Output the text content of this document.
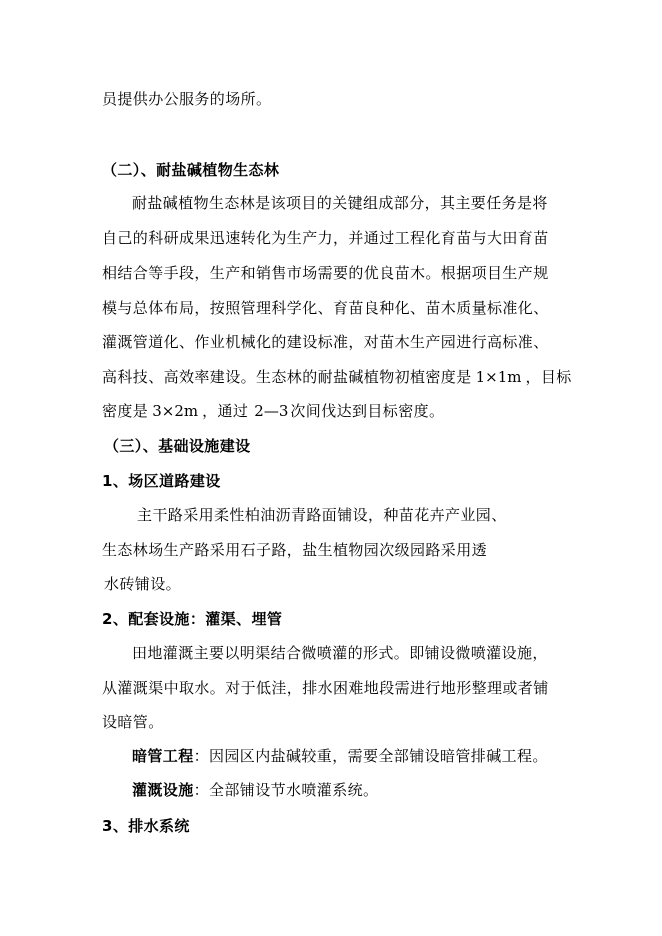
员提供办公服务的场所。
（二）、耐盐碱植物生态林
耐盐碱植物生态林是该项目的关键组成部分，其主要任务是将
自己的科研成果迅速转化为生产力，并通过工程化育苗与大田育苗
相结合等手段，生产和销售市场需要的优良苗木。根据项目生产规
模与总体布局，按照管理科学化、育苗良种化、苗木质量标准化、
灌溉管道化、作业机械化的建设标准，对苗木生产园进行高标准、
高科技、高效率建设。生态林的耐盐碱植物初植密度是 1×1m ，目标
密度是 3×2m ，通过 2—3 次间伐达到目标密度。
（三）、基础设施建设
1、场区道路建设
主干路采用柔性柏油沥青路面铺设，种苗花卉产业园、
生态林场生产路采用石子路，盐生植物园次级园路采用透
水砖铺设。
2、配套设施：灌渠、埋管
田地灌溉主要以明渠结合微喷灌的形式。即铺设微喷灌设施，
从灌溉渠中取水。对于低洼，排水困难地段需进行地形整理或者铺
设暗管。
暗管工程：因园区内盐碱较重，需要全部铺设暗管排碱工程。
灌溉设施：全部铺设节水喷灌系统。
3、排水系统
